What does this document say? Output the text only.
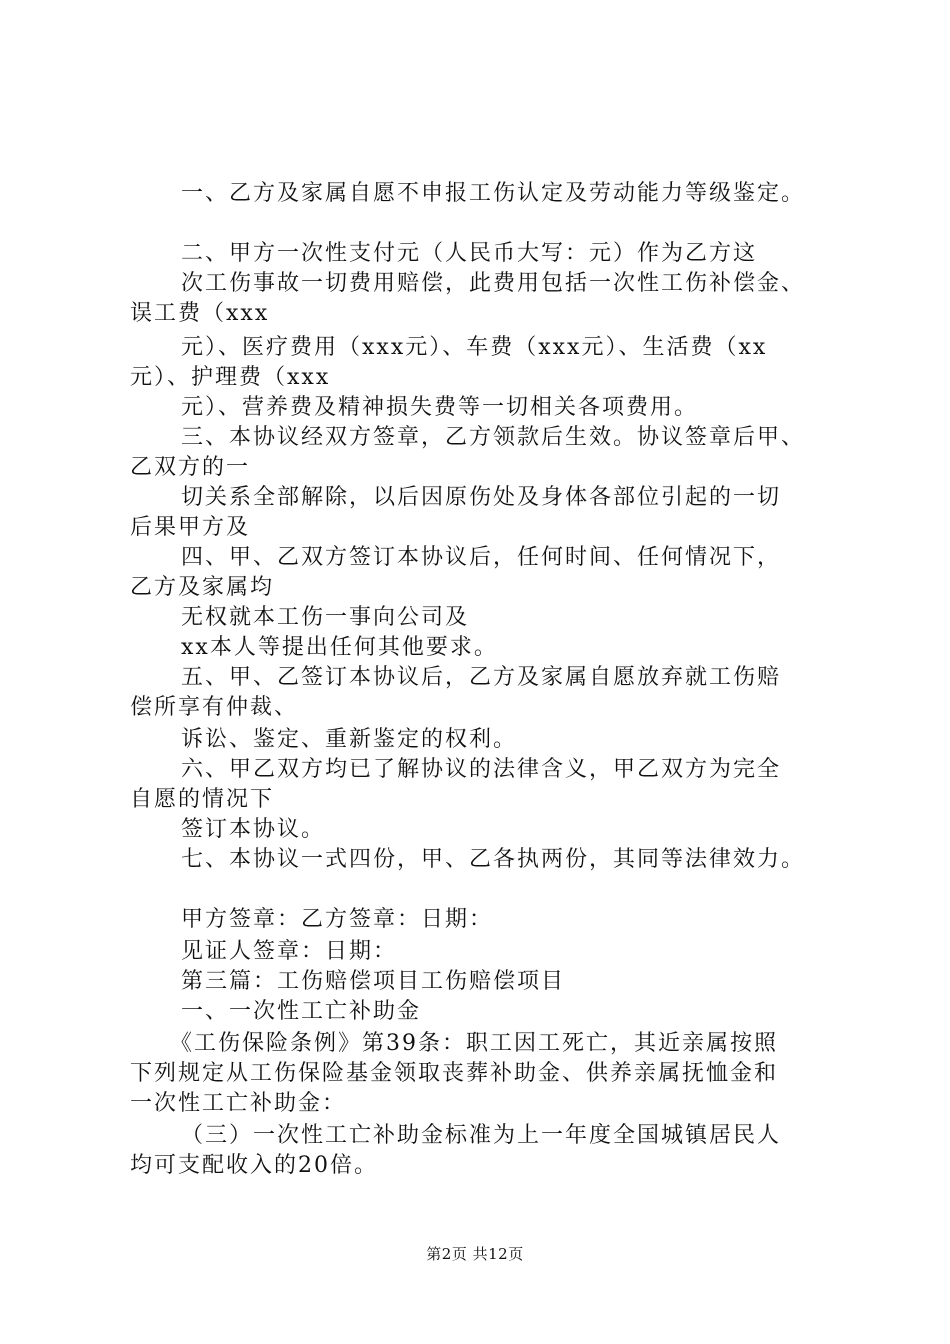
一、乙方及家属自愿不申报工伤认定及劳动能力等级鉴定。
二、甲方一次性支付元（人民币大写：元）作为乙方这
次工伤事故一切费用赔偿，此费用包括一次性工伤补偿金、
误工费（xxx
元）、医疗费用（xxx元）、车费（xxx元）、生活费（xx
元）、护理费（xxx
元）、营养费及精神损失费等一切相关各项费用。
三、本协议经双方签章，乙方领款后生效。协议签章后甲、
乙双方的一
切关系全部解除，以后因原伤处及身体各部位引起的一切
后果甲方及
四、甲、乙双方签订本协议后，任何时间、任何情况下，
乙方及家属均
无权就本工伤一事向公司及
xx本人等提出任何其他要求。
五、甲、乙签订本协议后，乙方及家属自愿放弃就工伤赔
偿所享有仲裁、
诉讼、鉴定、重新鉴定的权利。
六、甲乙双方均已了解协议的法律含义，甲乙双方为完全
自愿的情况下
签订本协议。
七、本协议一式四份，甲、乙各执两份，其同等法律效力。
甲方签章：乙方签章：日期：
见证人签章：日期：
第三篇：工伤赔偿项目工伤赔偿项目
一、一次性工亡补助金
《工伤保险条例》第39条：职工因工死亡，其近亲属按照
下列规定从工伤保险基金领取丧葬补助金、供养亲属抚恤金和
一次性工亡补助金：
（三）一次性工亡补助金标准为上一年度全国城镇居民人
均可支配收入的20倍。
第2页 共12页
